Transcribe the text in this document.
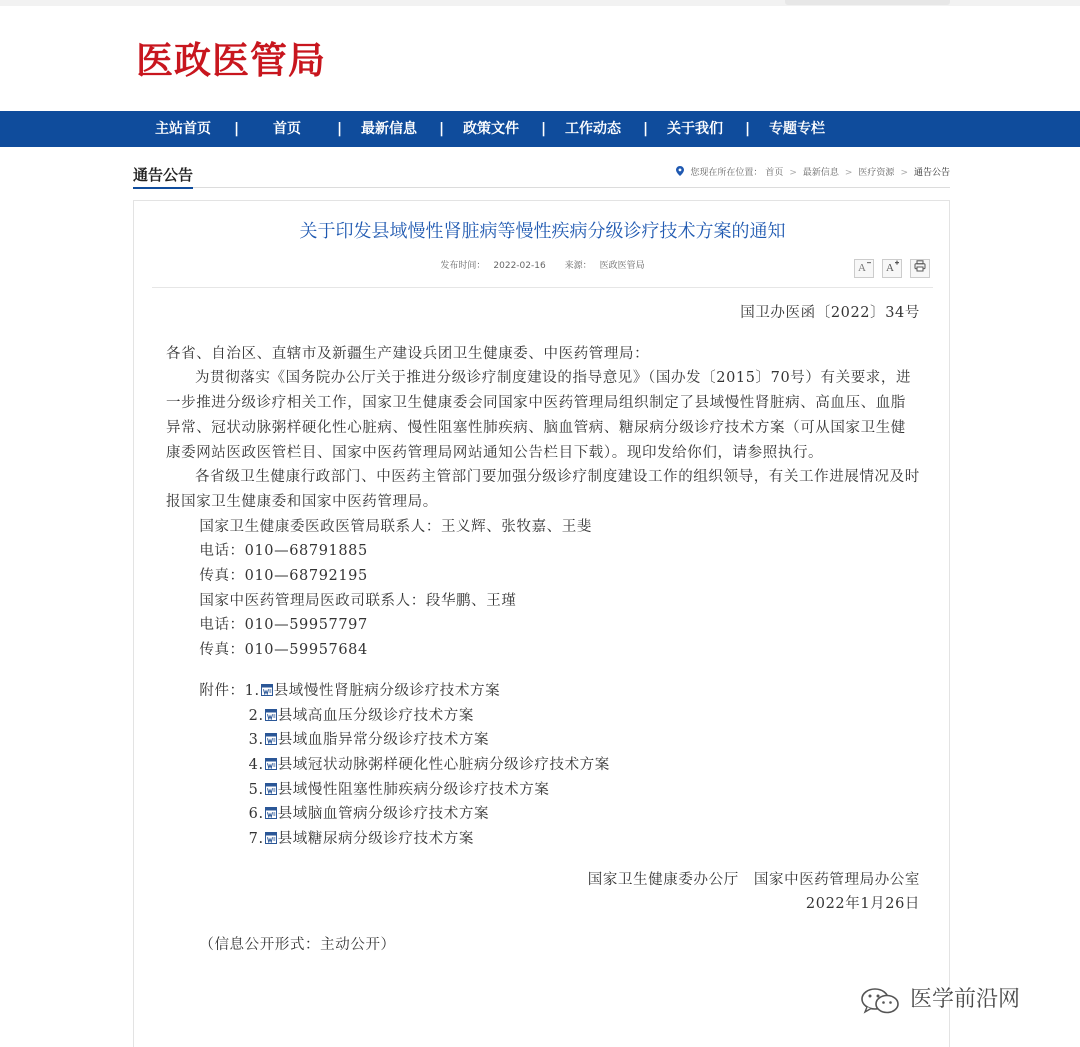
医政医管局
主站首页 | 首页	| 最新信息 | 政策文件 | 工作动态 | 关于我们 | 专题专栏
通告公告	您现在所在位置： 首页 > 最新信息 > 医疗资源 > 通告公告
关于印发县域慢性肾脏病等慢性疾病分级诊疗技术方案的通知
发布时间： 2022-02-16 来源： 医政医管局	A
A

国卫办医函〔2022〕34号

各省、自治区、直辖市及新疆生产建设兵团卫生健康委、中医药管理局：

为贯彻落实《国务院办公厅关于推进分级诊疗制度建设的指导意见》（国办发〔2015〕70号）有关要求，进一步推进分级诊疗相关工作，国家卫生健康委会同国家中医药管理局组织制定了县域慢性肾脏病、高血压、血脂异常、冠状动脉粥样硬化性心脏病、慢性阻塞性肺疾病、脑血管病、糖尿病分级诊疗技术方案（可从国家卫生健康委网站医政医管栏目、国家中医药管理局网站通知公告栏目下载）。现印发给你们，请参照执行。

各省级卫生健康行政部门、中医药主管部门要加强分级诊疗制度建设工作的组织领导，有关工作进展情况及时报国家卫生健康委和国家中医药管理局。

国家卫生健康委医政医管局联系人：王义辉、张牧嘉、王斐

电话：010—68791885

传真：010—68792195

国家中医药管理局医政司联系人：段华鹏、王瑾

电话：010—59957797

传真：010—59957684

附件：1. 县域慢性肾脏病分级诊疗技术方案

2. 县域高血压分级诊疗技术方案

3. 县域血脂异常分级诊疗技术方案

4. 县域冠状动脉粥样硬化性心脏病分级诊疗技术方案

5. 县域慢性阻塞性肺疾病分级诊疗技术方案

6. 县域脑血管病分级诊疗技术方案

7. 县域糖尿病分级诊疗技术方案

国家卫生健康委办公厅　国家中医药管理局办公室

2022年1月26日

（信息公开形式：主动公开）

医学前沿网
